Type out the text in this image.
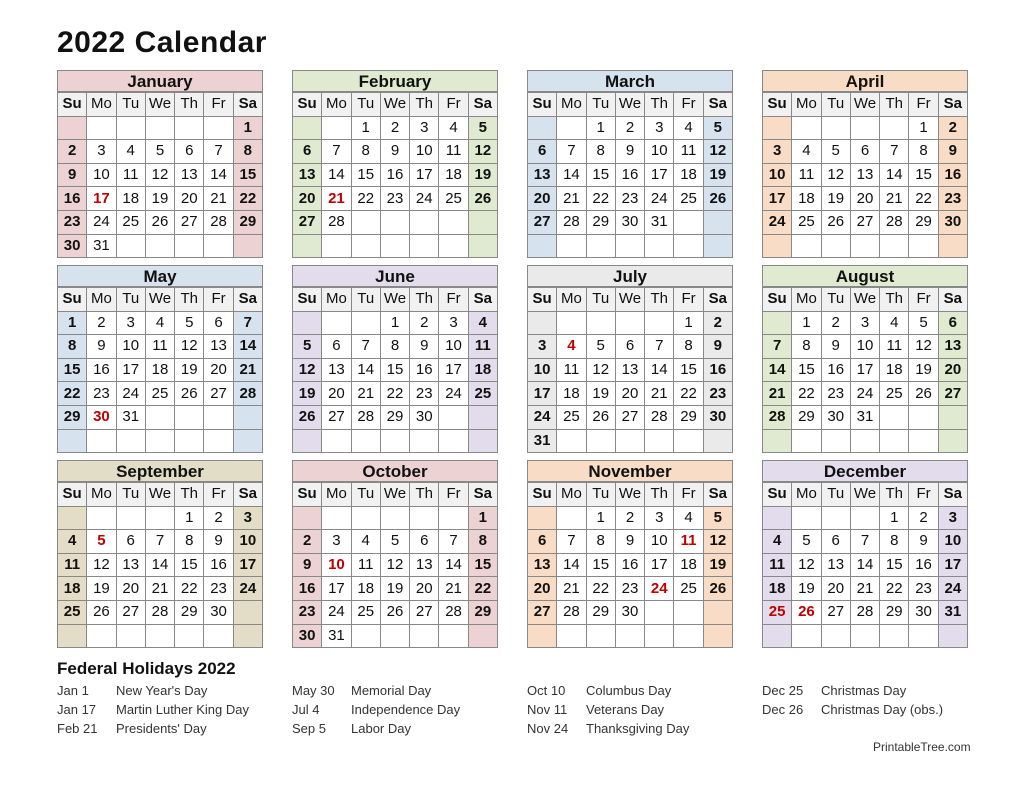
2022 Calendar
January
Su	Mo	Tu	We	Th	Fr	Sa
						1
2	3	4	5	6	7	8
9	10	11	12	13	14	15
16	17	18	19	20	21	22
23	24	25	26	27	28	29
30	31					
February
Su	Mo	Tu	We	Th	Fr	Sa
		1	2	3	4	5
6	7	8	9	10	11	12
13	14	15	16	17	18	19
20	21	22	23	24	25	26
27	28					

March
Su	Mo	Tu	We	Th	Fr	Sa
		1	2	3	4	5
6	7	8	9	10	11	12
13	14	15	16	17	18	19
20	21	22	23	24	25	26
27	28	29	30	31		

April
Su	Mo	Tu	We	Th	Fr	Sa
					1	2
3	4	5	6	7	8	9
10	11	12	13	14	15	16
17	18	19	20	21	22	23
24	25	26	27	28	29	30

May
Su	Mo	Tu	We	Th	Fr	Sa
1	2	3	4	5	6	7
8	9	10	11	12	13	14
15	16	17	18	19	20	21
22	23	24	25	26	27	28
29	30	31				

June
Su	Mo	Tu	We	Th	Fr	Sa
			1	2	3	4
5	6	7	8	9	10	11
12	13	14	15	16	17	18
19	20	21	22	23	24	25
26	27	28	29	30		

July
Su	Mo	Tu	We	Th	Fr	Sa
					1	2
3	4	5	6	7	8	9
10	11	12	13	14	15	16
17	18	19	20	21	22	23
24	25	26	27	28	29	30
31						
August
Su	Mo	Tu	We	Th	Fr	Sa
	1	2	3	4	5	6
7	8	9	10	11	12	13
14	15	16	17	18	19	20
21	22	23	24	25	26	27
28	29	30	31			

September
Su	Mo	Tu	We	Th	Fr	Sa
				1	2	3
4	5	6	7	8	9	10
11	12	13	14	15	16	17
18	19	20	21	22	23	24
25	26	27	28	29	30	

October
Su	Mo	Tu	We	Th	Fr	Sa
						1
2	3	4	5	6	7	8
9	10	11	12	13	14	15
16	17	18	19	20	21	22
23	24	25	26	27	28	29
30	31					
November
Su	Mo	Tu	We	Th	Fr	Sa
		1	2	3	4	5
6	7	8	9	10	11	12
13	14	15	16	17	18	19
20	21	22	23	24	25	26
27	28	29	30			

December
Su	Mo	Tu	We	Th	Fr	Sa
				1	2	3
4	5	6	7	8	9	10
11	12	13	14	15	16	17
18	19	20	21	22	23	24
25	26	27	28	29	30	31

Federal Holidays 2022
Jan 1 New Year's Day
Jan 17 Martin Luther King Day
Feb 21 Presidents' Day
May 30 Memorial Day
Jul 4 Independence Day
Sep 5 Labor Day
Oct 10 Columbus Day
Nov 11 Veterans Day
Nov 24 Thanksgiving Day
Dec 25 Christmas Day
Dec 26 Christmas Day (obs.)
PrintableTree.com
